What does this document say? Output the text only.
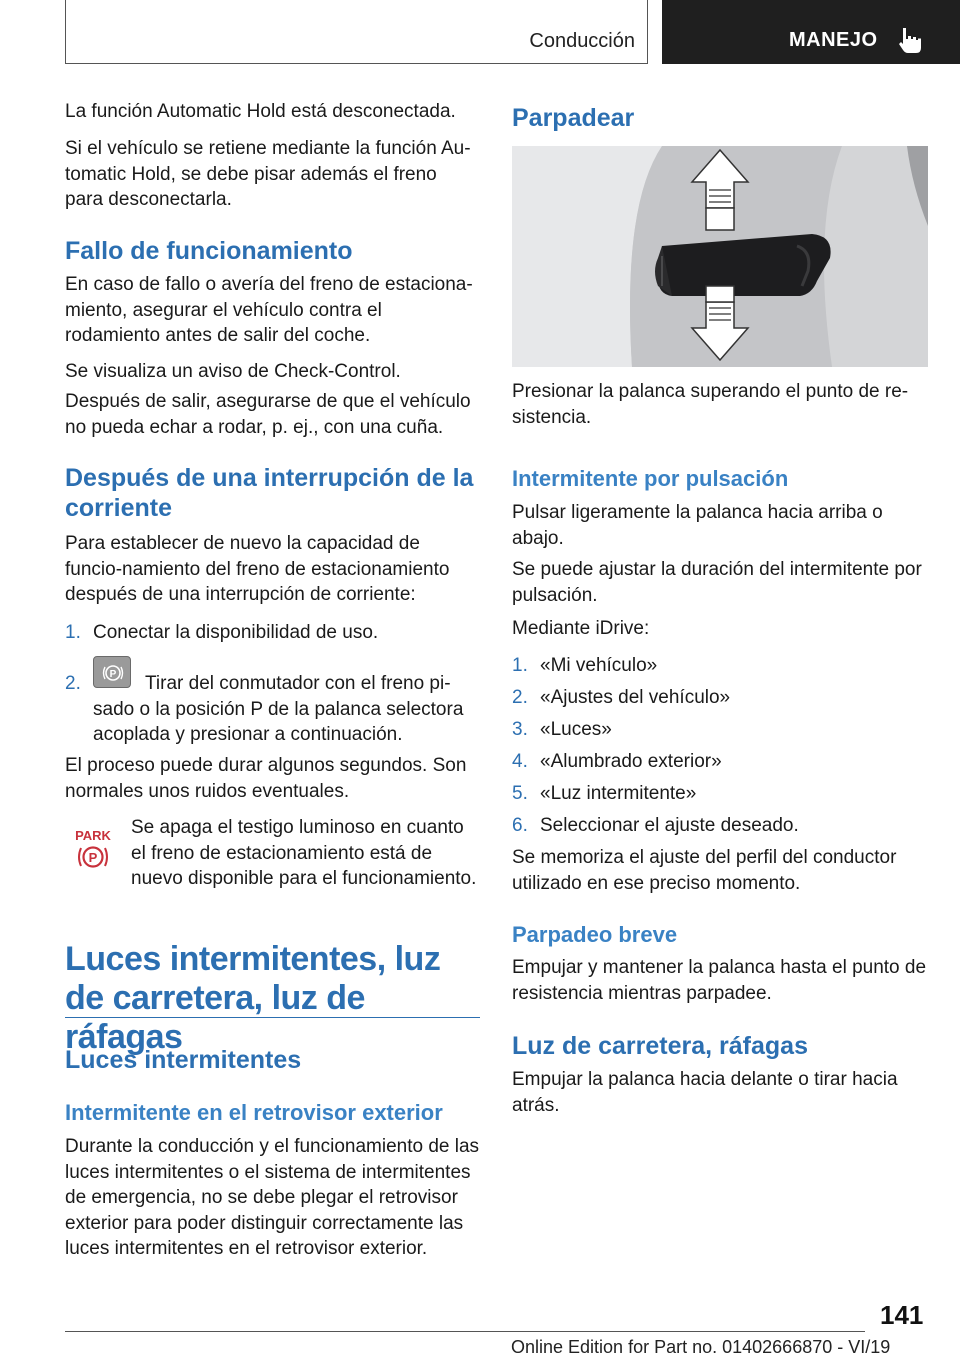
Conducción	MANEJO

La función Automatic Hold está desconectada.

Si el vehículo se retiene mediante la función Au-tomatic Hold, se debe pisar además el freno para desconectarla.

Fallo de funcionamiento

En caso de fallo o avería del freno de estaciona-miento, asegurar el vehículo contra el rodamiento antes de salir del coche.

Se visualiza un aviso de Check-Control.

Después de salir, asegurarse de que el vehículo no pueda echar a rodar, p. ej., con una cuña.

Después de una interrupción de la corriente

Para establecer de nuevo la capacidad de funcio-namiento del freno de estacionamiento después de una interrupción de corriente:

1. Conectar la disponibilidad de uso.

2.	P	Tirar del conmutador con el freno pi-sado o la posición P de la palanca selectora acoplada y presionar a continuación.

El proceso puede durar algunos segundos. Son normales unos ruidos eventuales.

PARK
P

Se apaga el testigo luminoso en cuanto el freno de estacionamiento está de nuevo disponible para el funcionamiento.

Luces intermitentes, luz de carretera, luz de ráfagas
Luces intermitentes
Intermitente en el retrovisor exterior

Durante la conducción y el funcionamiento de las luces intermitentes o el sistema de intermitentes de emergencia, no se debe plegar el retrovisor exterior para poder distinguir correctamente las luces intermitentes en el retrovisor exterior.

Parpadear

Presionar la palanca superando el punto de re-sistencia.

Intermitente por pulsación

Pulsar ligeramente la palanca hacia arriba o abajo.

Se puede ajustar la duración del intermitente por pulsación.

Mediante iDrive:

1. «Mi vehículo»

2. «Ajustes del vehículo»

3. «Luces»

4. «Alumbrado exterior»

5. «Luz intermitente»

6. Seleccionar el ajuste deseado.

Se memoriza el ajuste del perfil del conductor utilizado en ese preciso momento.

Parpadeo breve

Empujar y mantener la palanca hasta el punto de resistencia mientras parpadee.

Luz de carretera, ráfagas

Empujar la palanca hacia delante o tirar hacia atrás.

141
Online Edition for Part no. 01402666870 - VI/19
